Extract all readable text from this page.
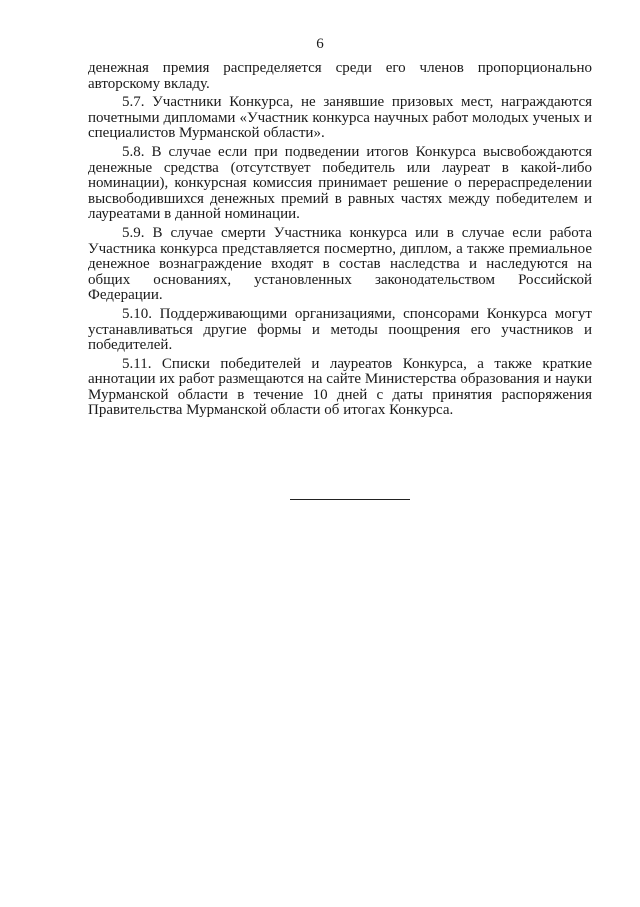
6

денежная премия распределяется среди его членов пропорционально авторскому вкладу.

5.7. Участники Конкурса, не занявшие призовых мест, награждаются почетными дипломами «Участник конкурса научных работ молодых ученых и специалистов Мурманской области».

5.8. В случае если при подведении итогов Конкурса высвобождаются денежные средства (отсутствует победитель или лауреат в какой-либо номинации), конкурсная комиссия принимает решение о перераспределении высвободившихся денежных премий в равных частях между победителем и лауреатами в данной номинации.

5.9. В случае смерти Участника конкурса или в случае если работа Участника конкурса представляется посмертно, диплом, а также премиальное денежное вознаграждение входят в состав наследства и наследуются на общих основаниях, установленных законодательством Российской Федерации.

5.10. Поддерживающими организациями, спонсорами Конкурса могут устанавливаться другие формы и методы поощрения его участников и победителей.

5.11. Списки победителей и лауреатов Конкурса, а также краткие аннотации их работ размещаются на сайте Министерства образования и науки Мурманской области в течение 10 дней с даты принятия распоряжения Правительства Мурманской области об итогах Конкурса.
